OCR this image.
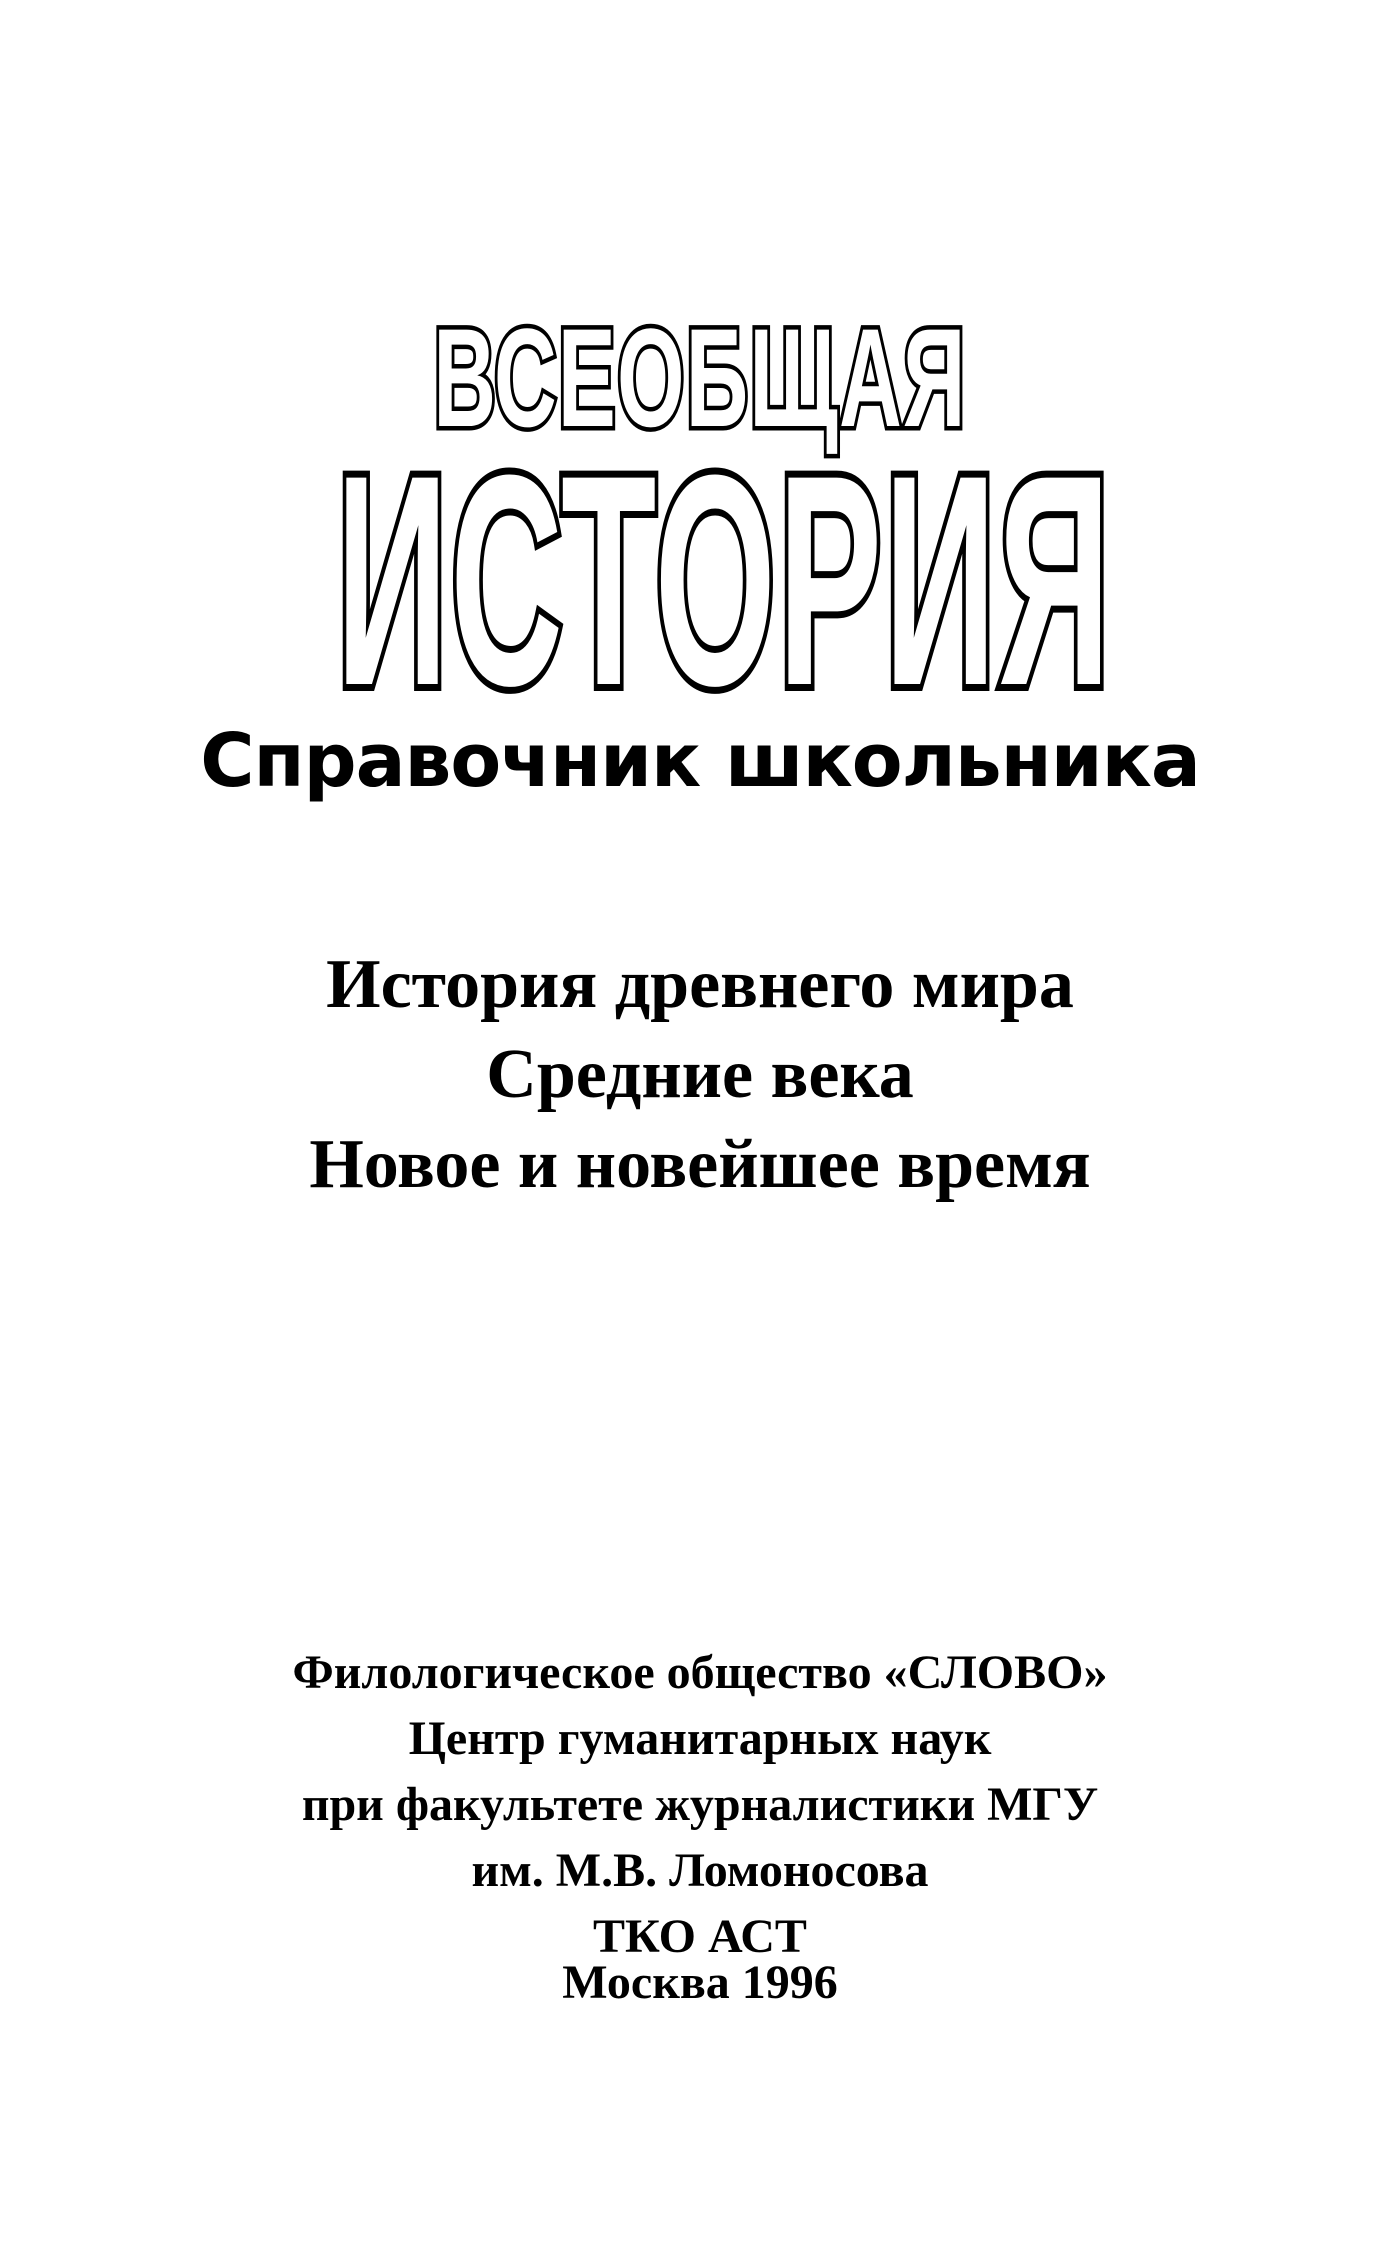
ВСЕОБЩАЯ
ИСТОРИЯ
Справочник школьника
История древнего мира
Средние века
Новое и новейшее время
Филологическое общество «СЛОВО»
Центр гуманитарных наук
при факультете журналистики МГУ
им. М.В. Ломоносова
ТКО АСТ
Москва 1996
